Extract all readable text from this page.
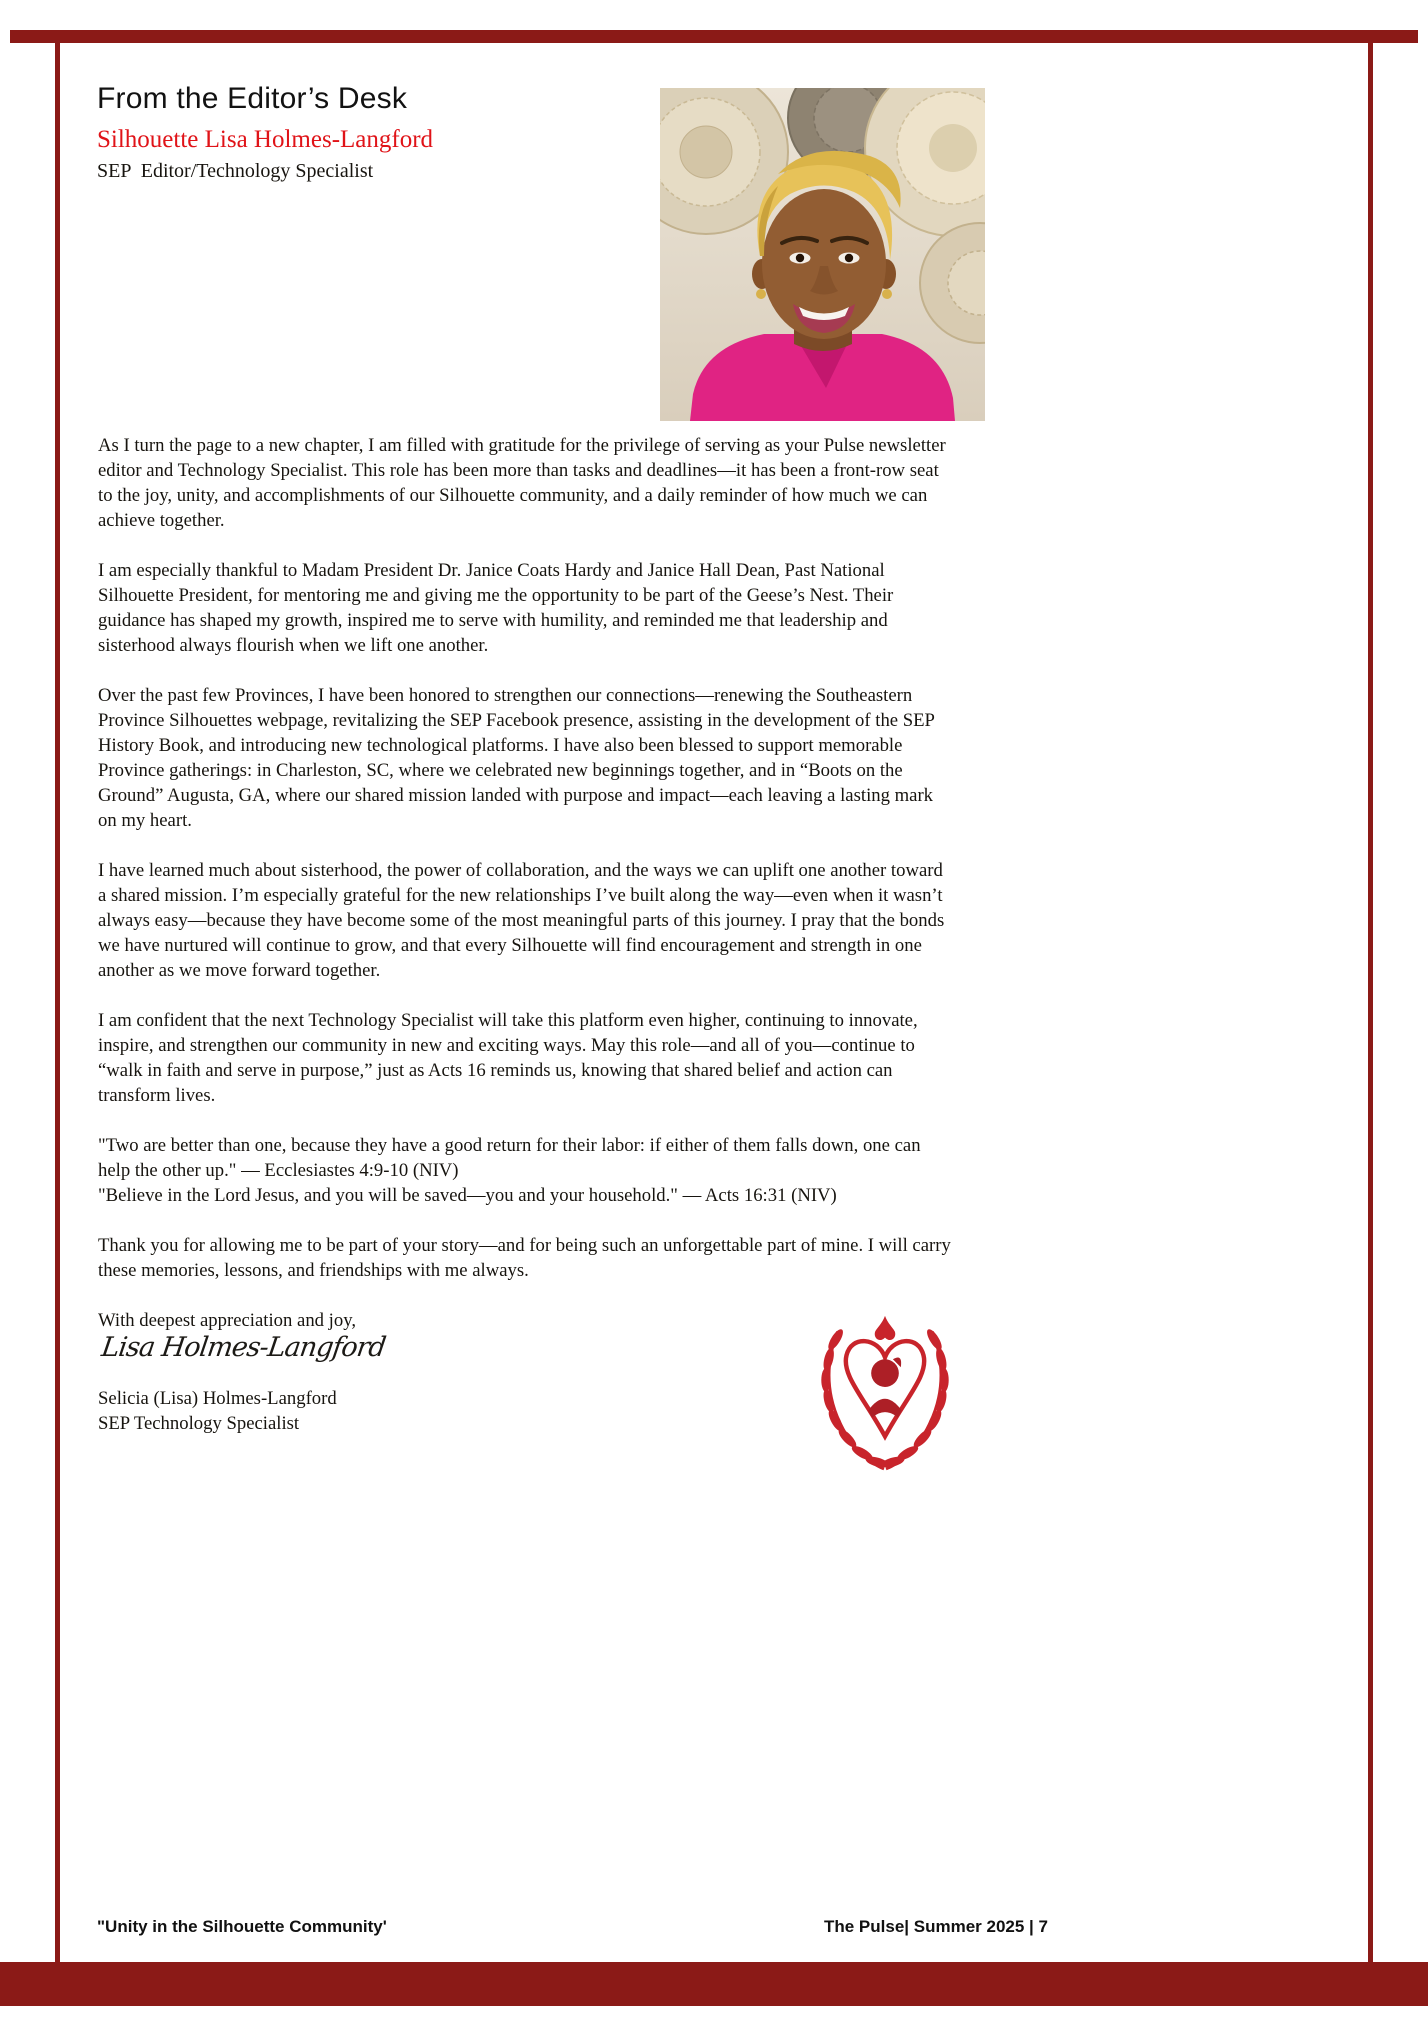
From the Editor’s Desk
Silhouette Lisa Holmes-Langford
SEP  Editor/Technology Specialist

As I turn the page to a new chapter, I am filled with gratitude for the privilege of serving as your Pulse newsletter editor and Technology Specialist. This role has been more than tasks and deadlines—it has been a front-row seat to the joy, unity, and accomplishments of our Silhouette community, and a daily reminder of how much we can achieve together.

I am especially thankful to Madam President Dr. Janice Coats Hardy and Janice Hall Dean, Past National Silhouette President, for mentoring me and giving me the opportunity to be part of the Geese’s Nest. Their guidance has shaped my growth, inspired me to serve with humility, and reminded me that leadership and sisterhood always flourish when we lift one another.

Over the past few Provinces, I have been honored to strengthen our connections—renewing the Southeastern Province Silhouettes webpage, revitalizing the SEP Facebook presence, assisting in the development of the SEP History Book, and introducing new technological platforms. I have also been blessed to support memorable Province gatherings: in Charleston, SC, where we celebrated new beginnings together, and in “Boots on the Ground” Augusta, GA, where our shared mission landed with purpose and impact—each leaving a lasting mark on my heart.

I have learned much about sisterhood, the power of collaboration, and the ways we can uplift one another toward a shared mission. I’m especially grateful for the new relationships I’ve built along the way—even when it wasn’t always easy—because they have become some of the most meaningful parts of this journey. I pray that the bonds we have nurtured will continue to grow, and that every Silhouette will find encouragement and strength in one another as we move forward together.

I am confident that the next Technology Specialist will take this platform even higher, continuing to innovate, inspire, and strengthen our community in new and exciting ways. May this role—and all of you—continue to “walk in faith and serve in purpose,” just as Acts 16 reminds us, knowing that shared belief and action can transform lives.

"Two are better than one, because they have a good return for their labor: if either of them falls down, one can help the other up." — Ecclesiastes 4:9-10 (NIV)

"Believe in the Lord Jesus, and you will be saved—you and your household." — Acts 16:31 (NIV)

Thank you for allowing me to be part of your story—and for being such an unforgettable part of mine. I will carry these memories, lessons, and friendships with me always.

With deepest appreciation and joy,

Lisa Holmes-Langford
Selicia (Lisa) Holmes-Langford
SEP Technology Specialist
"Unity in the Silhouette Community'	The Pulse| Summer 2025 | 7
